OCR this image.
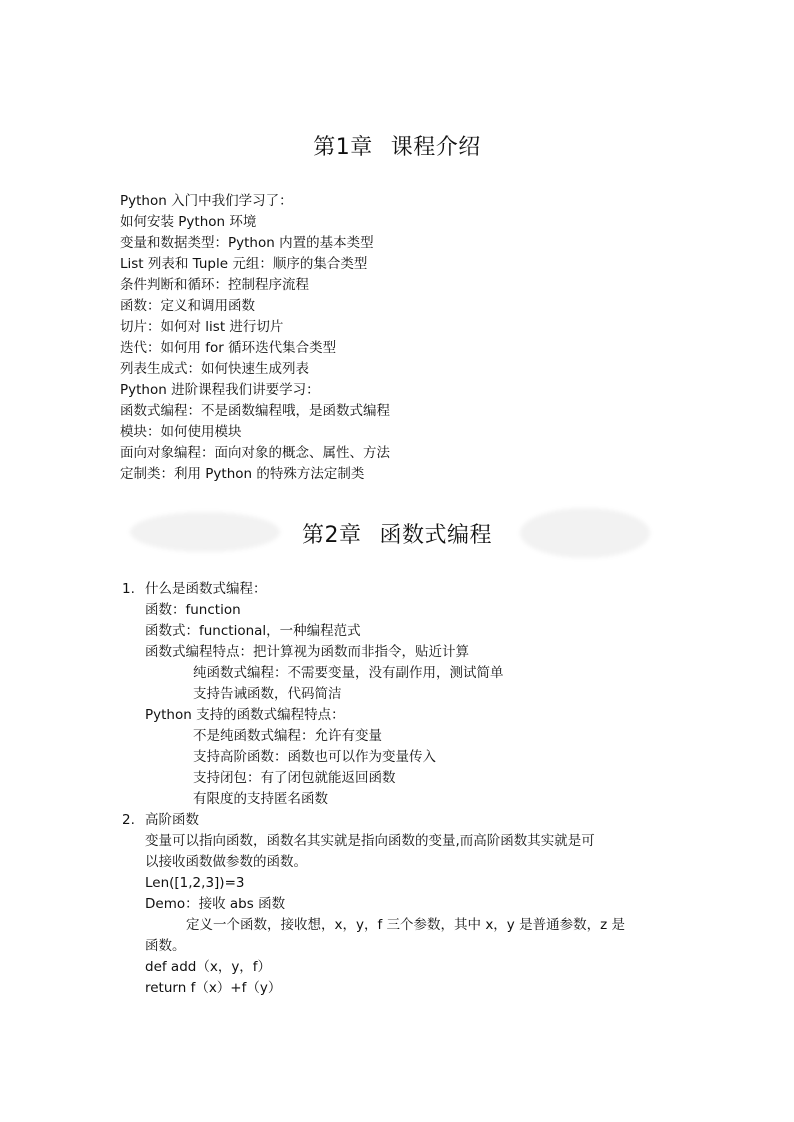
第1章 课程介绍
Python 入门中我们学习了：
如何安装 Python 环境
变量和数据类型：Python 内置的基本类型
List 列表和 Tuple 元组：顺序的集合类型
条件判断和循环：控制程序流程
函数：定义和调用函数
切片：如何对 list 进行切片
迭代：如何用 for 循环迭代集合类型
列表生成式：如何快速生成列表
Python 进阶课程我们讲要学习：
函数式编程：不是函数编程哦，是函数式编程
模块：如何使用模块
面向对象编程：面向对象的概念、属性、方法
定制类：利用 Python 的特殊方法定制类
第2章 函数式编程
1. 什么是函数式编程：
函数：function
函数式：functional，一种编程范式
函数式编程特点：把计算视为函数而非指令，贴近计算
纯函数式编程：不需要变量，没有副作用，测试简单
支持告诫函数，代码简洁
Python 支持的函数式编程特点：
不是纯函数式编程：允许有变量
支持高阶函数：函数也可以作为变量传入
支持闭包：有了闭包就能返回函数
有限度的支持匿名函数
2. 高阶函数
变量可以指向函数，函数名其实就是指向函数的变量,而高阶函数其实就是可
以接收函数做参数的函数。
Len([1,2,3])=3
Demo：接收 abs 函数
定义一个函数，接收想，x，y，f 三个参数，其中 x，y 是普通参数，z 是
函数。
def add（x，y，f）
return f（x）+f（y）
